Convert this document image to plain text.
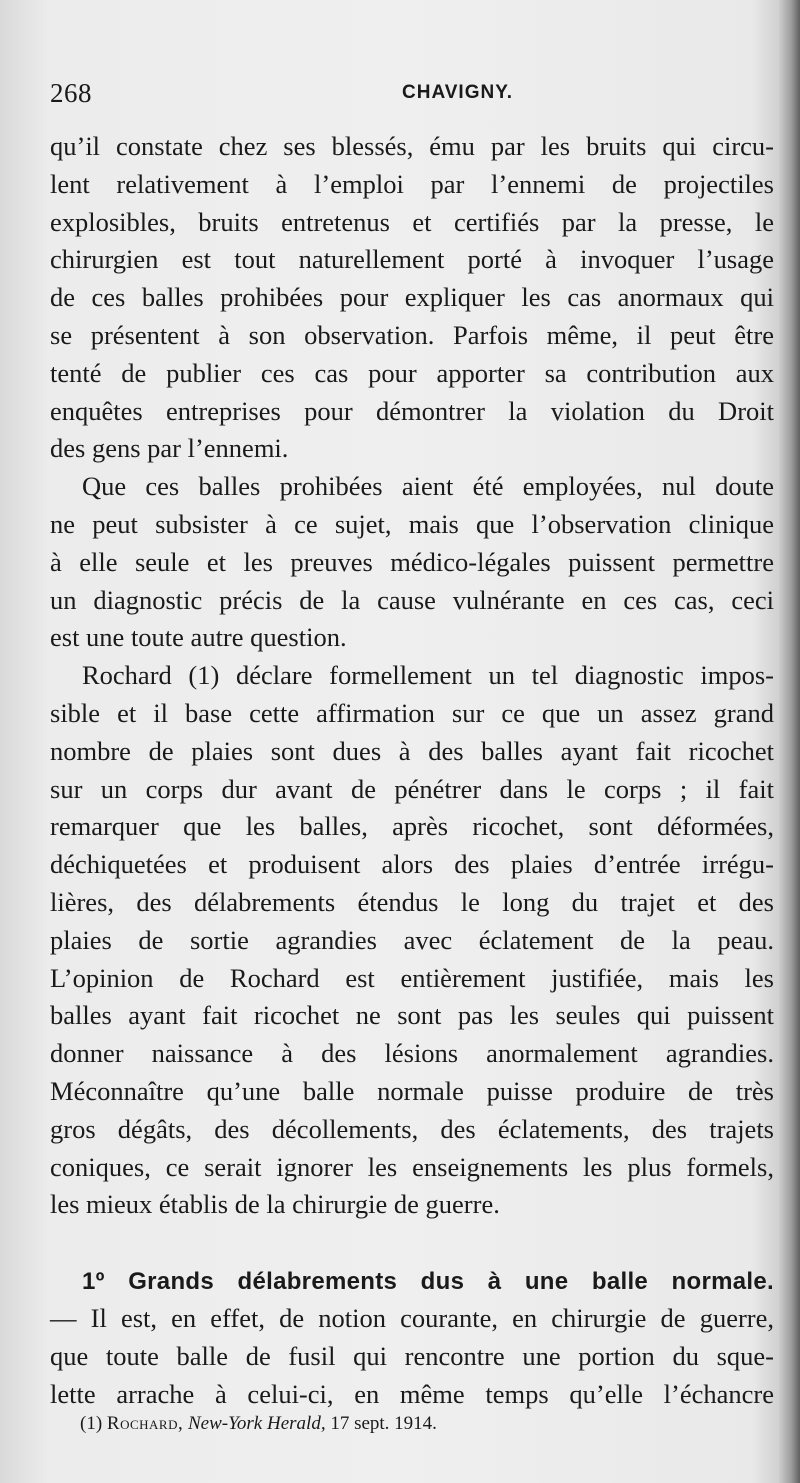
268	CHAVIGNY.
qu’il constate chez ses blessés, ému par les bruits qui circu-
lent relativement à l’emploi par l’ennemi de projectiles
explosibles, bruits entretenus et certifiés par la presse, le
chirurgien est tout naturellement porté à invoquer l’usage
de ces balles prohibées pour expliquer les cas anormaux qui
se présentent à son observation. Parfois même, il peut être
tenté de publier ces cas pour apporter sa contribution aux
enquêtes entreprises pour démontrer la violation du Droit
des gens par l’ennemi.
Que ces balles prohibées aient été employées, nul doute
ne peut subsister à ce sujet, mais que l’observation clinique
à elle seule et les preuves médico-légales puissent permettre
un diagnostic précis de la cause vulnérante en ces cas, ceci
est une toute autre question.
Rochard (1) déclare formellement un tel diagnostic impos-
sible et il base cette affirmation sur ce que un assez grand
nombre de plaies sont dues à des balles ayant fait ricochet
sur un corps dur avant de pénétrer dans le corps ; il fait
remarquer que les balles, après ricochet, sont déformées,
déchiquetées et produisent alors des plaies d’entrée irrégu-
lières, des délabrements étendus le long du trajet et des
plaies de sortie agrandies avec éclatement de la peau.
L’opinion de Rochard est entièrement justifiée, mais les
balles ayant fait ricochet ne sont pas les seules qui puissent
donner naissance à des lésions anormalement agrandies.
Méconnaître qu’une balle normale puisse produire de très
gros dégâts, des décollements, des éclatements, des trajets
coniques, ce serait ignorer les enseignements les plus formels,
les mieux établis de la chirurgie de guerre.
1º Grands délabrements dus à une balle normale.
— Il est, en effet, de notion courante, en chirurgie de guerre,
que toute balle de fusil qui rencontre une portion du sque-
lette arrache à celui-ci, en même temps qu’elle l’échancre
(1) Rochard, New-York Herald, 17 sept. 1914.
